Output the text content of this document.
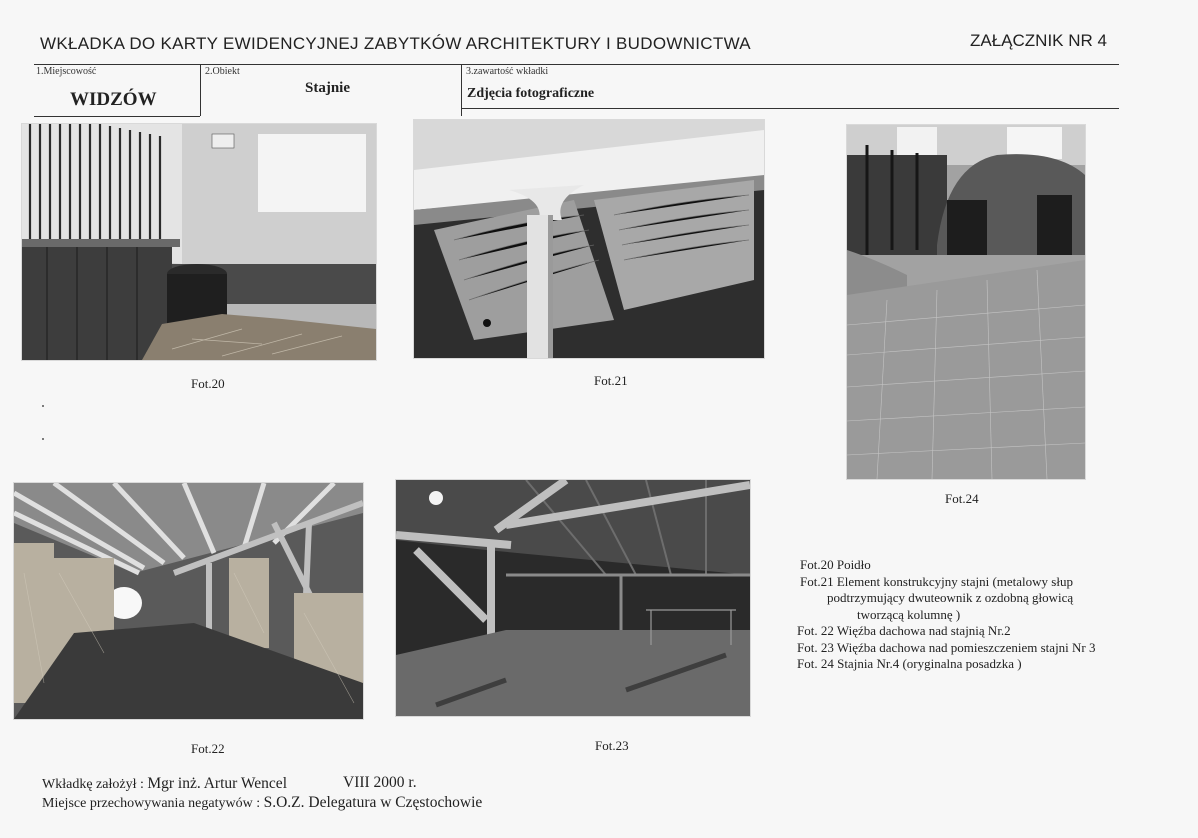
WKŁADKA DO KARTY EWIDENCYJNEJ ZABYTKÓW ARCHITEKTURY I BUDOWNICTWA	ZAŁĄCZNIK NR 4
1.Miejscowość
WIDZÓW
2.Obiekt
Stajnie
3.zawartość wkładki
Zdjęcia fotograficzne
Fot.20	Fot.21
Fot.24
Fot.22	Fot.23
Fot.20 Poidło
Fot.21 Element konstrukcyjny stajni (metalowy słup
podtrzymujący dwuteownik z ozdobną głowicą
tworzącą kolumnę )
Fot. 22 Więźba dachowa nad stajnią Nr.2
Fot. 23 Więźba dachowa nad pomieszczeniem stajni Nr 3
Fot. 24 Stajnia Nr.4 (oryginalna posadzka )
Wkładkę założył : Mgr inż. Artur Wencel	VIII 2000 r.
Miejsce przechowywania negatywów : S.O.Z. Delegatura w Częstochowie
